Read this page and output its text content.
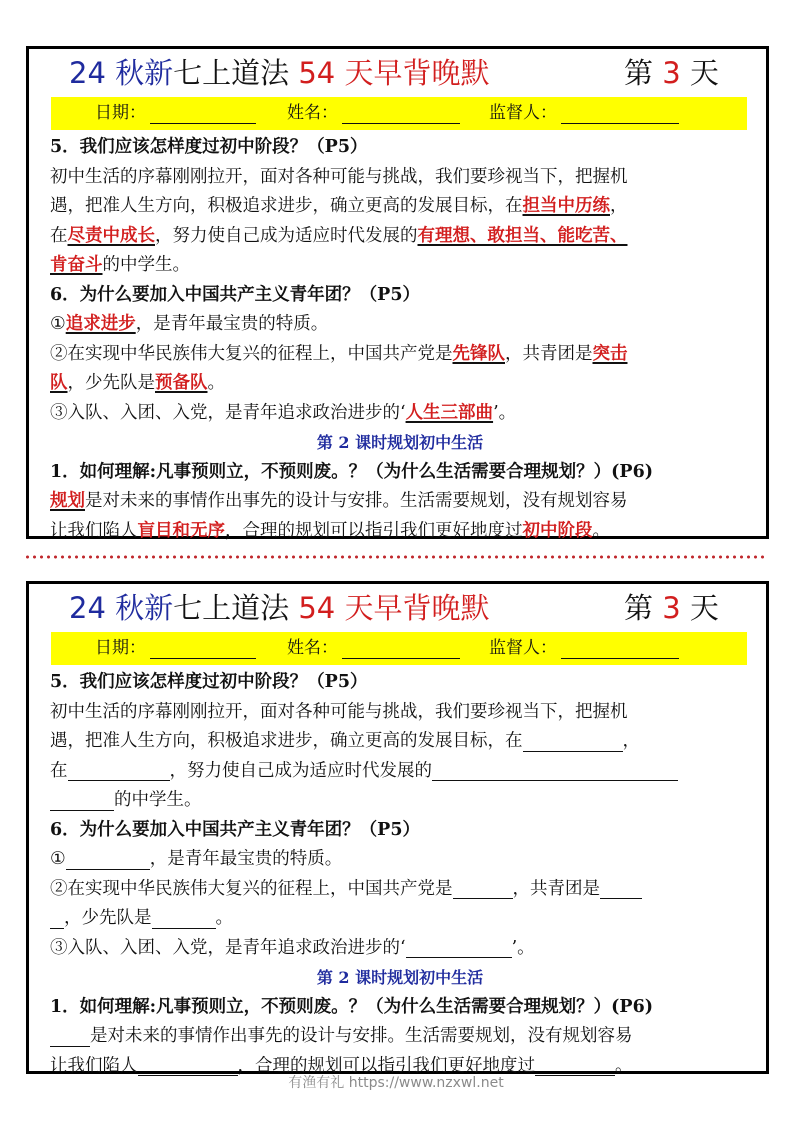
24 秋新七上道法 54 天早背晚默	第 3 天
日期：	姓名：	监督人：
5．我们应该怎样度过初中阶段？（P5）
初中生活的序幕刚刚拉开，面对各种可能与挑战，我们要珍视当下，把握机
遇，把准人生方向，积极追求进步，确立更高的发展目标，在担当中历练，
在尽责中成长，努力使自己成为适应时代发展的有理想、敢担当、能吃苦、
肯奋斗的中学生。
6．为什么要加入中国共产主义青年团？（P5）
①追求进步，是青年最宝贵的特质。
②在实现中华民族伟大复兴的征程上，中国共产党是先锋队，共青团是突击
队，少先队是预备队。
③入队、入团、入党，是青年追求政治进步的‘人生三部曲’。
第 2 课时规划初中生活
1．如何理解:凡事预则立，不预则废。？（为什么生活需要合理规划？）(P6)
规划是对未来的事情作出事先的设计与安排。生活需要规划，没有规划容易
让我们陷人盲目和无序，合理的规划可以指引我们更好地度过初中阶段。
24 秋新七上道法 54 天早背晚默	第 3 天
日期：	姓名：	监督人：
5．我们应该怎样度过初中阶段？（P5）
初中生活的序幕刚刚拉开，面对各种可能与挑战，我们要珍视当下，把握机
遇，把准人生方向，积极追求进步，确立更高的发展目标，在	，
在	，努力使自己成为适应时代发展的
的中学生。
6．为什么要加入中国共产主义青年团？（P5）
①	，是青年最宝贵的特质。
②在实现中华民族伟大复兴的征程上，中国共产党是	，共青团是
，少先队是	。
③入队、入团、入党，是青年追求政治进步的‘	’。
第 2 课时规划初中生活
1．如何理解:凡事预则立，不预则废。？（为什么生活需要合理规划？）(P6)
是对未来的事情作出事先的设计与安排。生活需要规划，没有规划容易
让我们陷人	，合理的规划可以指引我们更好地度过	。
有渔有礼 https://www.nzxwl.net
